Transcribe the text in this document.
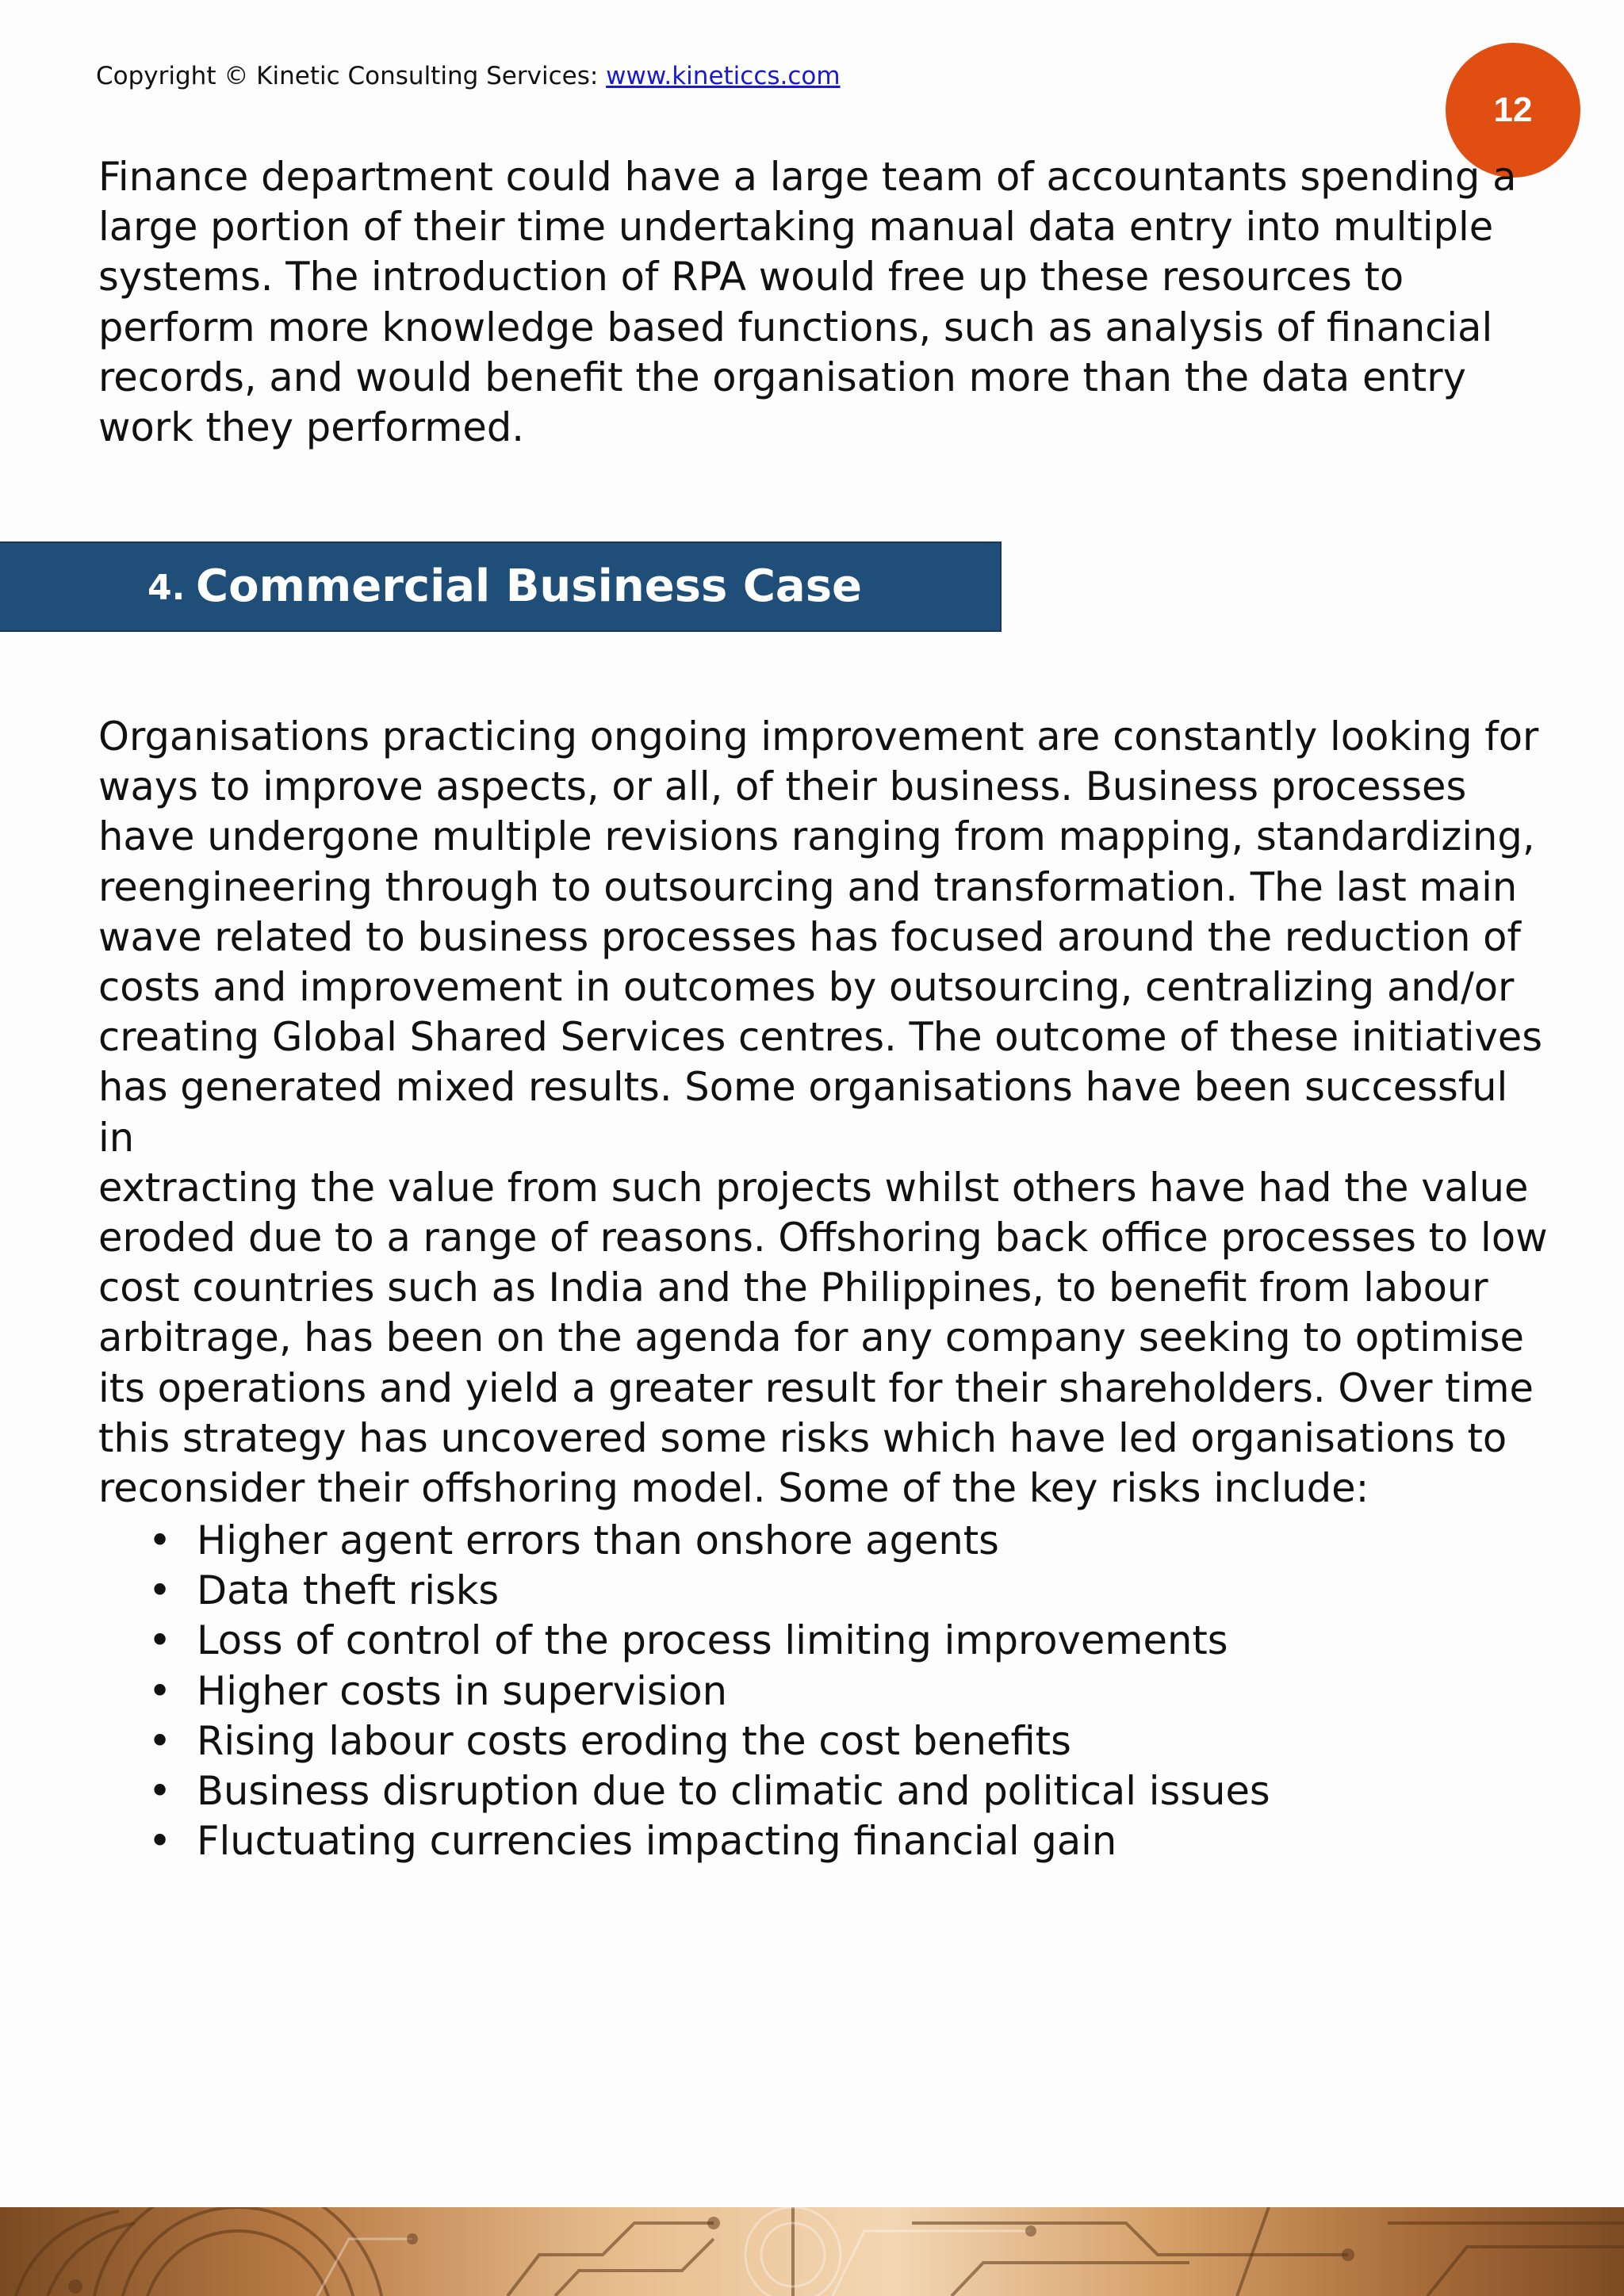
Copyright © Kinetic Consulting Services: www.kineticcs.com
12

Finance department could have a large team of accountants spending a
large portion of their time undertaking manual data entry into multiple
systems. The introduction of RPA would free up these resources to
perform more knowledge based functions, such as analysis of financial
records, and would benefit the organisation more than the data entry
work they performed.

4. Commercial Business Case

Organisations practicing ongoing improvement are constantly looking for
ways to improve aspects, or all, of their business. Business processes
have undergone multiple revisions ranging from mapping, standardizing,
reengineering through to outsourcing and transformation. The last main
wave related to business processes has focused around the reduction of
costs and improvement in outcomes by outsourcing, centralizing and/or
creating Global Shared Services centres. The outcome of these initiatives
has generated mixed results. Some organisations have been successful in
extracting the value from such projects whilst others have had the value
eroded due to a range of reasons. Offshoring back office processes to low
cost countries such as India and the Philippines, to benefit from labour
arbitrage, has been on the agenda for any company seeking to optimise
its operations and yield a greater result for their shareholders. Over time
this strategy has uncovered some risks which have led organisations to
reconsider their offshoring model. Some of the key risks include:

• Higher agent errors than onshore agents
• Data theft risks
• Loss of control of the process limiting improvements
• Higher costs in supervision
• Rising labour costs eroding the cost benefits
• Business disruption due to climatic and political issues
• Fluctuating currencies impacting financial gain
